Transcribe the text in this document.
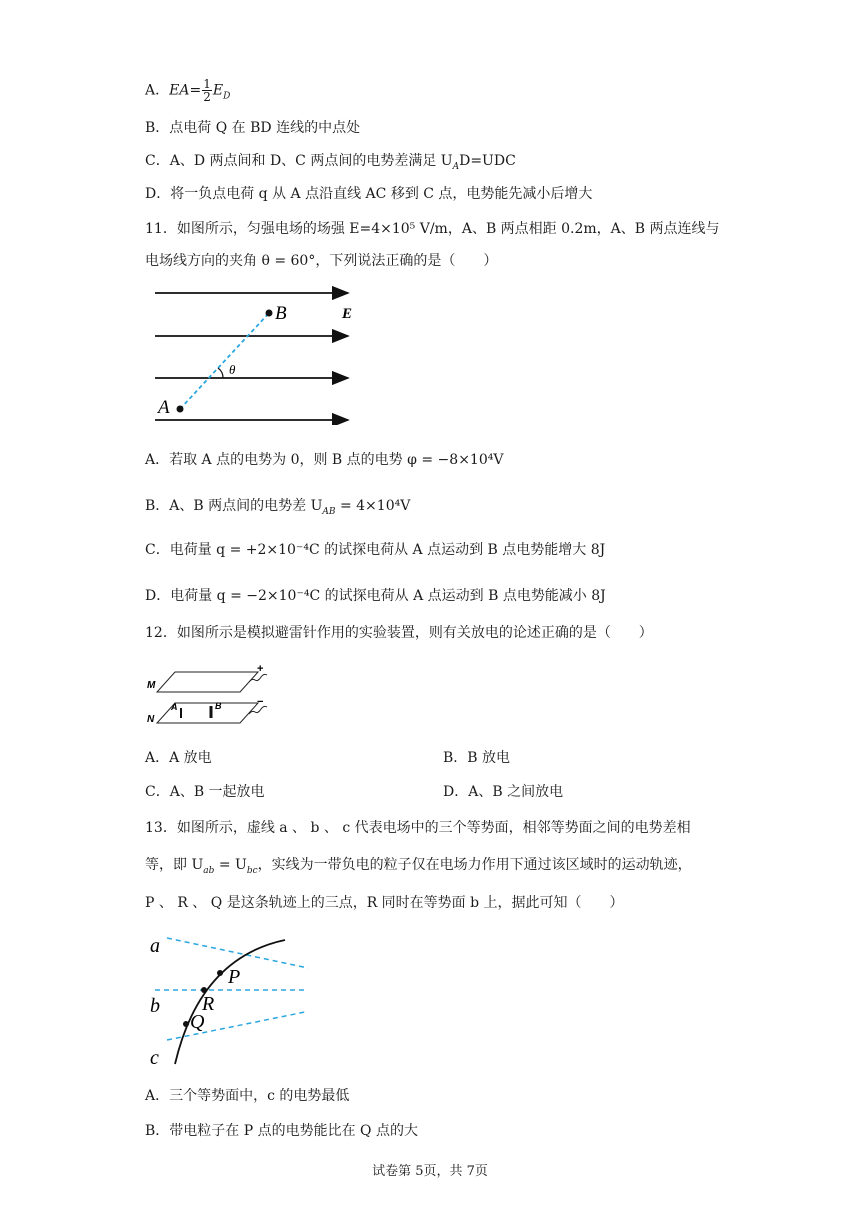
A．$EA= \frac{1}{2} E_D$
B．点电荷 Q 在 BD 连线的中点处
C．A、D 两点间和 D、C 两点间的电势差满足 $U_AD=UDC$
D．将一负点电荷 q 从 A 点沿直线 AC 移到 C 点，电势能先减小后增大
11．如图所示，匀强电场的场强 E=4×10⁵ V/m，A、B 两点相距 0.2m，A、B 两点连线与
电场线方向的夹角 θ = 60°，下列说法正确的是（　　）
B
A
E
θ
A．若取 A 点的电势为 0，则 B 点的电势 φ = −8×10⁴V
B．A、B 两点间的电势差 $U_{AB} = 4\times 10^4V$
C．电荷量 q = +2×10⁻⁴C 的试探电荷从 A 点运动到 B 点电势能增大 8J
D．电荷量 q = −2×10⁻⁴C 的试探电荷从 A 点运动到 B 点电势能减小 8J
12．如图所示是模拟避雷针作用的实验装置，则有关放电的论述正确的是（　　）
M
N
A	B
+
−
A．A 放电	B．B 放电
C．A、B 一起放电	D．A、B 之间放电
13．如图所示，虚线 a 、 b 、 c 代表电场中的三个等势面，相邻等势面之间的电势差相
等，即 $U_{ab} = U_{bc}$，实线为一带负电的粒子仅在电场力作用下通过该区域时的运动轨迹，
P 、 R 、 Q 是这条轨迹上的三点，R 同时在等势面 b 上，据此可知（　　）
a
b
c
P
R
Q
A．三个等势面中，c 的电势最低
B．带电粒子在 P 点的电势能比在 Q 点的大
试卷第 5页，共 7页
